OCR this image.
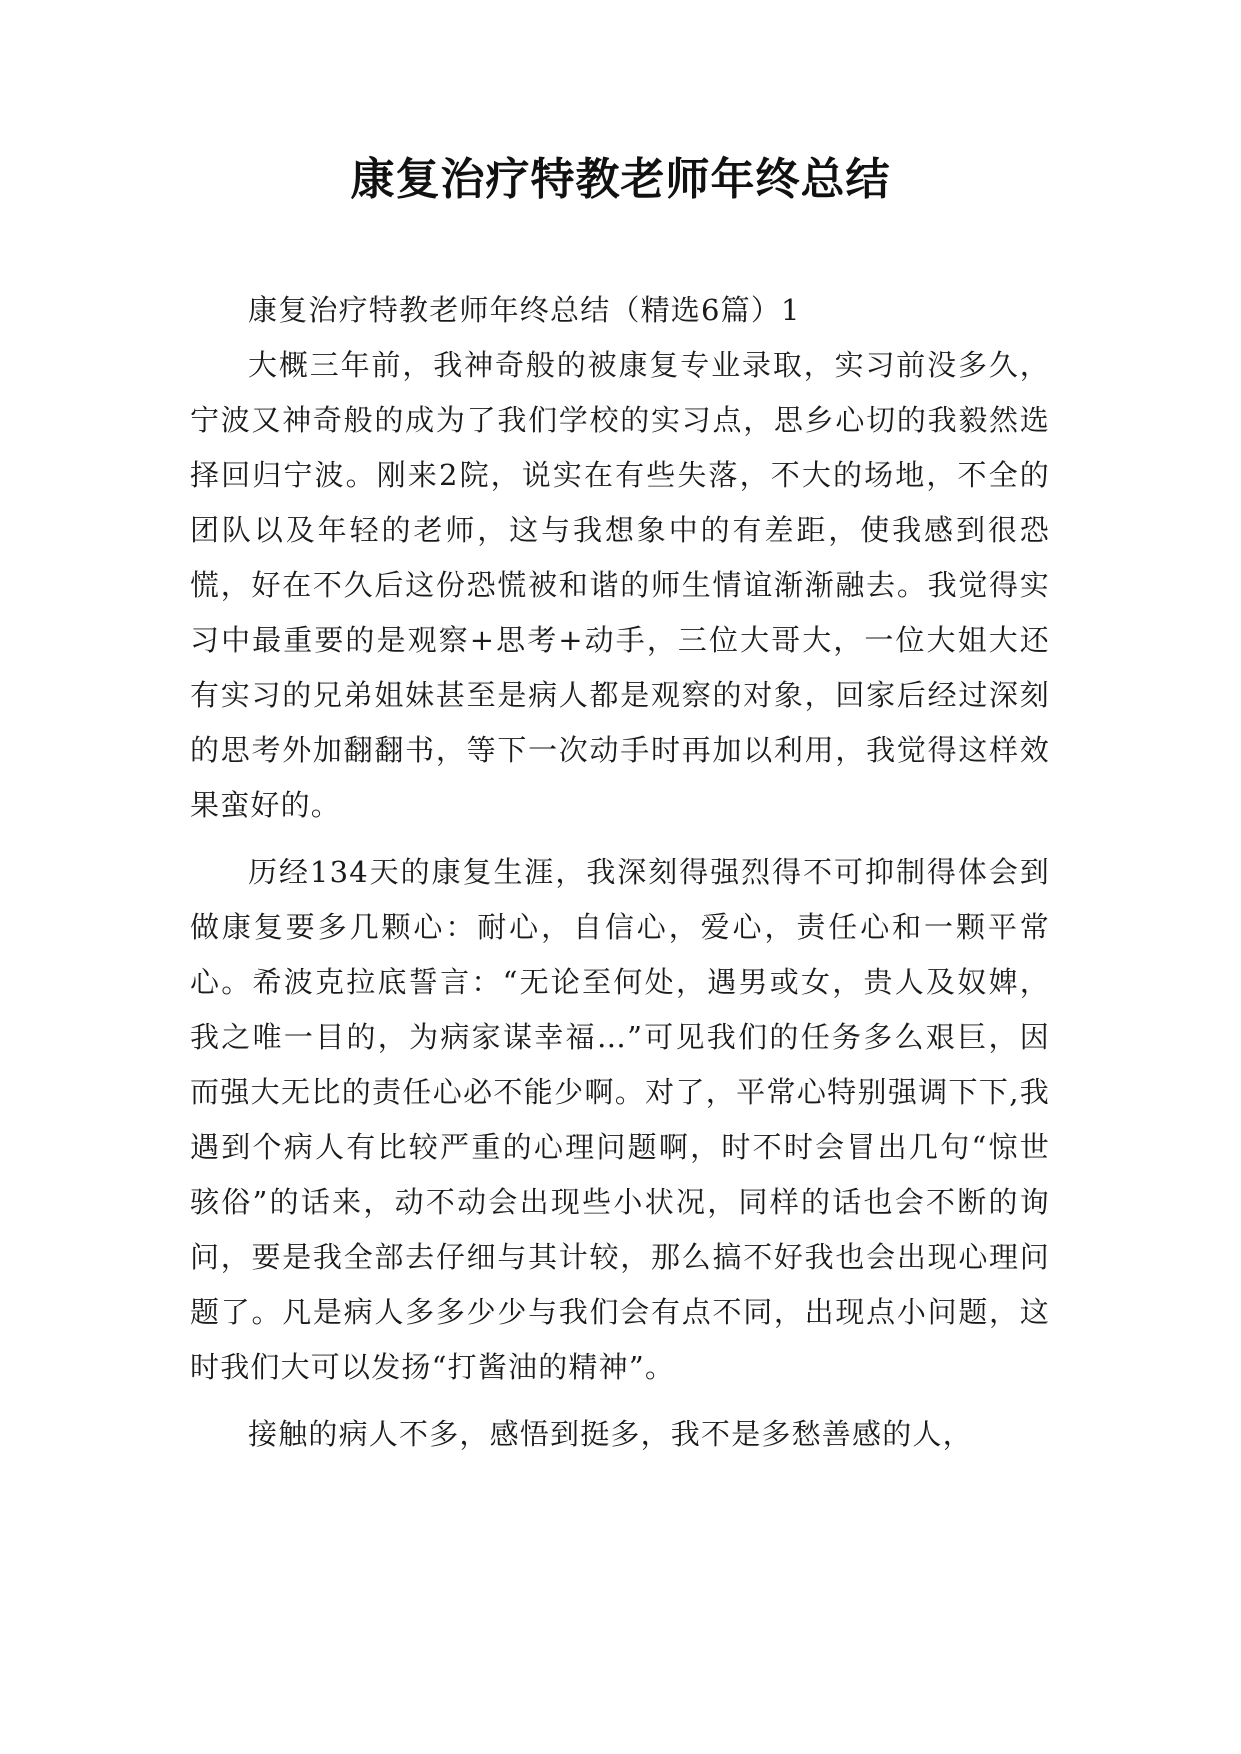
康复治疗特教老师年终总结

康复治疗特教老师年终总结（精选6篇）1

大概三年前，我神奇般的被康复专业录取，实习前没多久，宁波又神奇般的成为了我们学校的实习点，思乡心切的我毅然选择回归宁波。刚来2院，说实在有些失落，不大的场地，不全的团队以及年轻的老师，这与我想象中的有差距，使我感到很恐慌，好在不久后这份恐慌被和谐的师生情谊渐渐融去。我觉得实习中最重要的是观察+思考+动手，三位大哥大，一位大姐大还有实习的兄弟姐妹甚至是病人都是观察的对象，回家后经过深刻的思考外加翻翻书，等下一次动手时再加以利用，我觉得这样效果蛮好的。

历经134天的康复生涯，我深刻得强烈得不可抑制得体会到做康复要多几颗心：耐心，自信心，爱心，责任心和一颗平常心。希波克拉底誓言：“无论至何处，遇男或女，贵人及奴婢，我之唯一目的，为病家谋幸福…”可见我们的任务多么艰巨，因而强大无比的责任心必不能少啊。对了，平常心特别强调下下,我遇到个病人有比较严重的心理问题啊，时不时会冒出几句“惊世骇俗”的话来，动不动会出现些小状况，同样的话也会不断的询问，要是我全部去仔细与其计较，那么搞不好我也会出现心理问题了。凡是病人多多少少与我们会有点不同，出现点小问题，这时我们大可以发扬“打酱油的精神”。

接触的病人不多，感悟到挺多，我不是多愁善感的人，
